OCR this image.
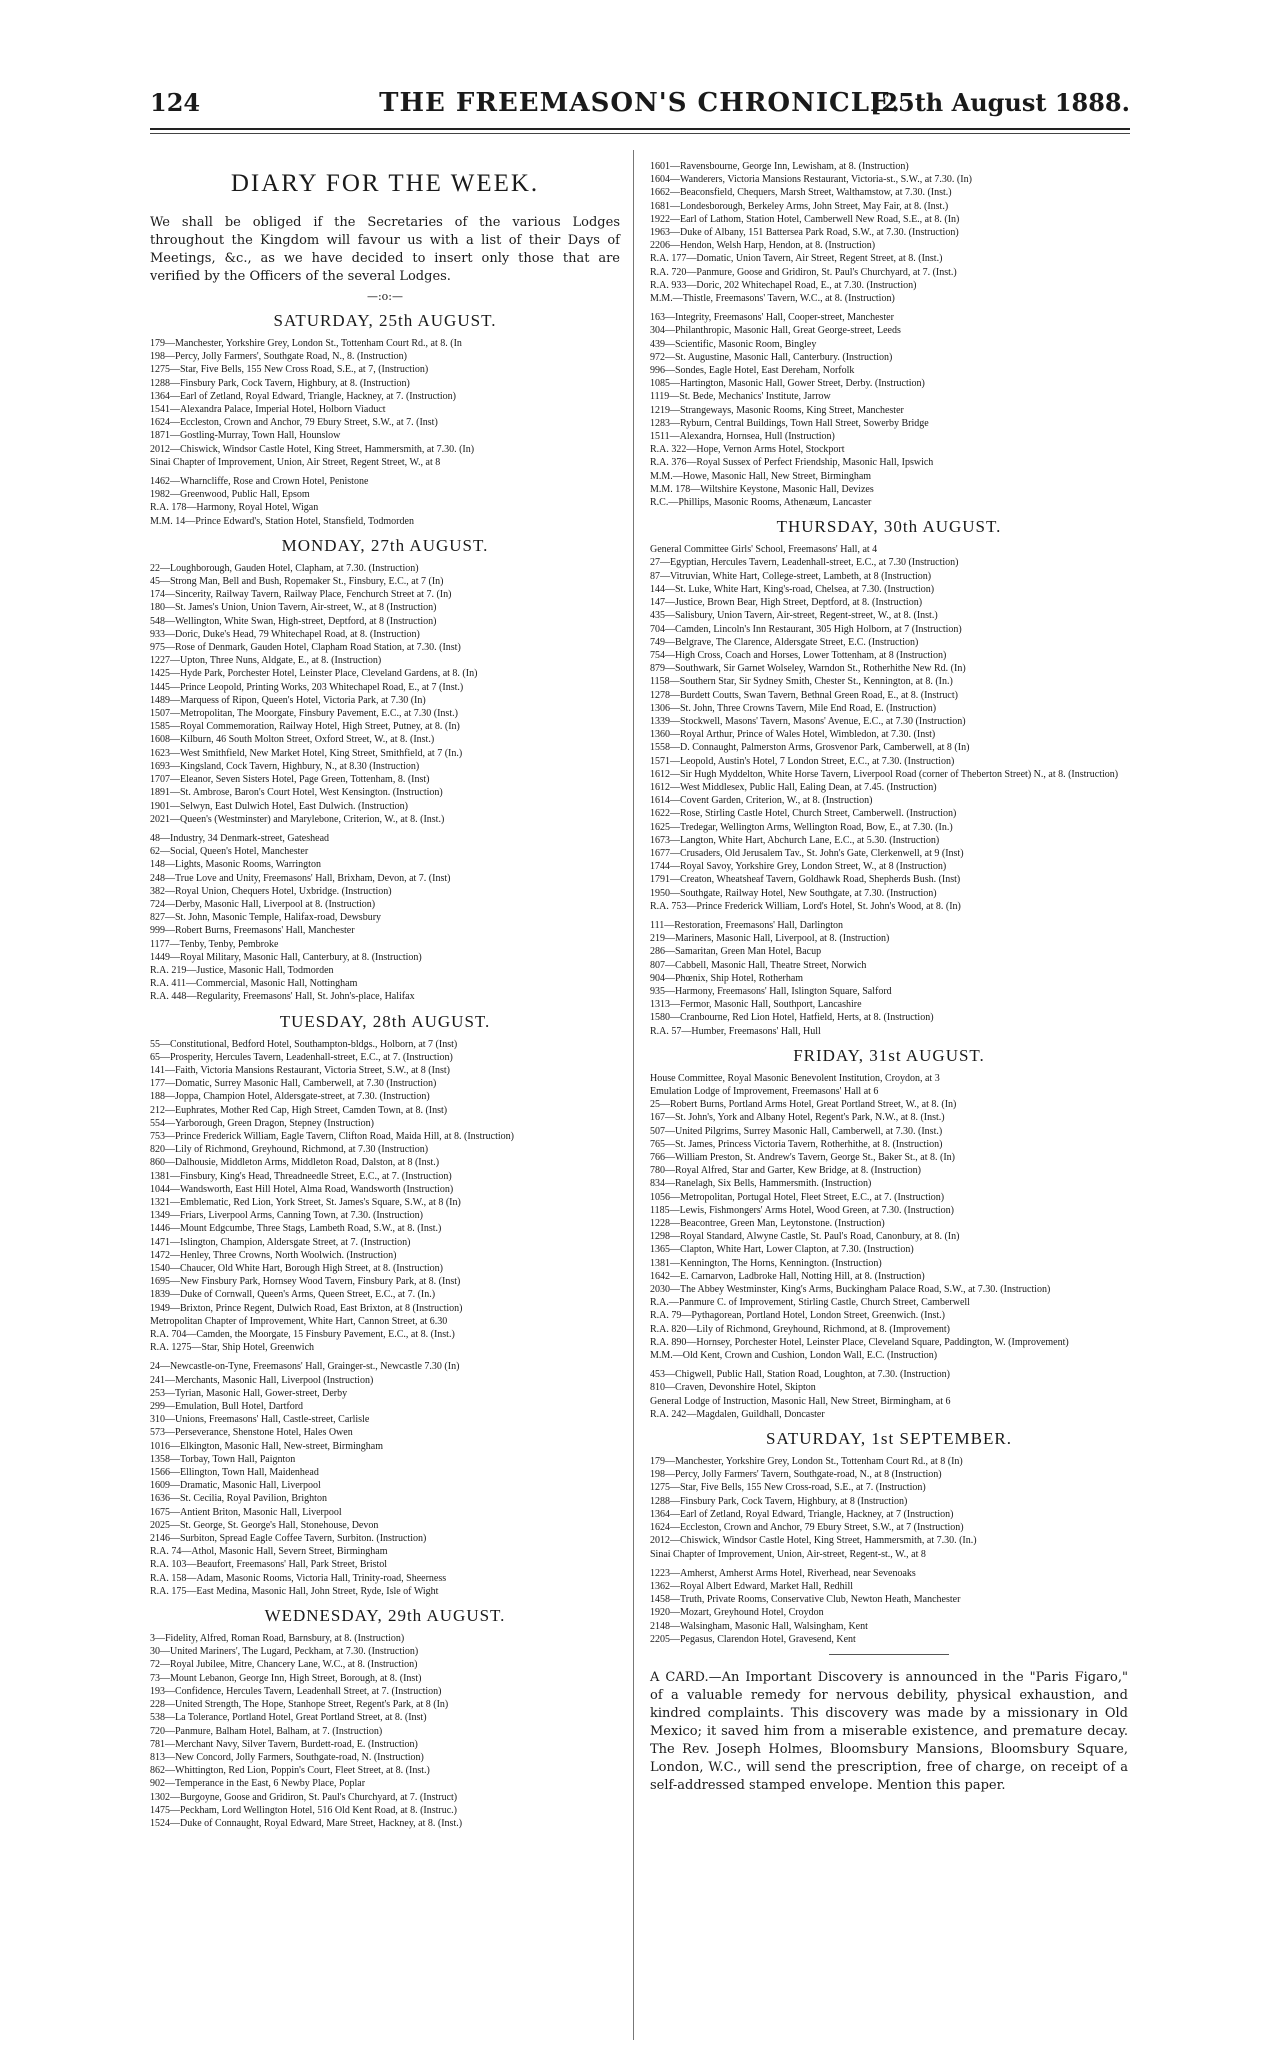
124	THE FREEMASON'S CHRONICLE.
[25th August 1888.
DIARY FOR THE WEEK.

We shall be obliged if the Secretaries of the various Lodges throughout the Kingdom will favour us with a list of their Days of Meetings, &c., as we have decided to insert only those that are verified by the Officers of the several Lodges.

—:o:—
SATURDAY, 25th AUGUST.
179—Manchester, Yorkshire Grey, London St., Tottenham Court Rd., at 8. (In
198—Percy, Jolly Farmers', Southgate Road, N., 8. (Instruction)
1275—Star, Five Bells, 155 New Cross Road, S.E., at 7, (Instruction)
1288—Finsbury Park, Cock Tavern, Highbury, at 8. (Instruction)
1364—Earl of Zetland, Royal Edward, Triangle, Hackney, at 7. (Instruction)
1541—Alexandra Palace, Imperial Hotel, Holborn Viaduct
1624—Eccleston, Crown and Anchor, 79 Ebury Street, S.W., at 7. (Inst)
1871—Gostling-Murray, Town Hall, Hounslow
2012—Chiswick, Windsor Castle Hotel, King Street, Hammersmith, at 7.30. (In)
Sinai Chapter of Improvement, Union, Air Street, Regent Street, W., at 8
1462—Wharncliffe, Rose and Crown Hotel, Penistone
1982—Greenwood, Public Hall, Epsom
R.A. 178—Harmony, Royal Hotel, Wigan
M.M. 14—Prince Edward's, Station Hotel, Stansfield, Todmorden
MONDAY, 27th AUGUST.
22—Loughborough, Gauden Hotel, Clapham, at 7.30. (Instruction)
45—Strong Man, Bell and Bush, Ropemaker St., Finsbury, E.C., at 7 (In)
174—Sincerity, Railway Tavern, Railway Place, Fenchurch Street at 7. (In)
180—St. James's Union, Union Tavern, Air-street, W., at 8 (Instruction)
548—Wellington, White Swan, High-street, Deptford, at 8 (Instruction)
933—Doric, Duke's Head, 79 Whitechapel Road, at 8. (Instruction)
975—Rose of Denmark, Gauden Hotel, Clapham Road Station, at 7.30. (Inst)
1227—Upton, Three Nuns, Aldgate, E., at 8. (Instruction)
1425—Hyde Park, Porchester Hotel, Leinster Place, Cleveland Gardens, at 8. (In)
1445—Prince Leopold, Printing Works, 203 Whitechapel Road, E., at 7 (Inst.)
1489—Marquess of Ripon, Queen's Hotel, Victoria Park, at 7.30 (In)
1507—Metropolitan, The Moorgate, Finsbury Pavement, E.C., at 7.30 (Inst.)
1585—Royal Commemoration, Railway Hotel, High Street, Putney, at 8. (In)
1608—Kilburn, 46 South Molton Street, Oxford Street, W., at 8. (Inst.)
1623—West Smithfield, New Market Hotel, King Street, Smithfield, at 7 (In.)
1693—Kingsland, Cock Tavern, Highbury, N., at 8.30 (Instruction)
1707—Eleanor, Seven Sisters Hotel, Page Green, Tottenham, 8. (Inst)
1891—St. Ambrose, Baron's Court Hotel, West Kensington. (Instruction)
1901—Selwyn, East Dulwich Hotel, East Dulwich. (Instruction)
2021—Queen's (Westminster) and Marylebone, Criterion, W., at 8. (Inst.)
48—Industry, 34 Denmark-street, Gateshead
62—Social, Queen's Hotel, Manchester
148—Lights, Masonic Rooms, Warrington
248—True Love and Unity, Freemasons' Hall, Brixham, Devon, at 7. (Inst)
382—Royal Union, Chequers Hotel, Uxbridge. (Instruction)
724—Derby, Masonic Hall, Liverpool at 8. (Instruction)
827—St. John, Masonic Temple, Halifax-road, Dewsbury
999—Robert Burns, Freemasons' Hall, Manchester
1177—Tenby, Tenby, Pembroke
1449—Royal Military, Masonic Hall, Canterbury, at 8. (Instruction)
R.A. 219—Justice, Masonic Hall, Todmorden
R.A. 411—Commercial, Masonic Hall, Nottingham
R.A. 448—Regularity, Freemasons' Hall, St. John's-place, Halifax
TUESDAY, 28th AUGUST.
55—Constitutional, Bedford Hotel, Southampton-bldgs., Holborn, at 7 (Inst)
65—Prosperity, Hercules Tavern, Leadenhall-street, E.C., at 7. (Instruction)
141—Faith, Victoria Mansions Restaurant, Victoria Street, S.W., at 8 (Inst)
177—Domatic, Surrey Masonic Hall, Camberwell, at 7.30 (Instruction)
188—Joppa, Champion Hotel, Aldersgate-street, at 7.30. (Instruction)
212—Euphrates, Mother Red Cap, High Street, Camden Town, at 8. (Inst)
554—Yarborough, Green Dragon, Stepney (Instruction)
753—Prince Frederick William, Eagle Tavern, Clifton Road, Maida Hill, at 8. (Instruction)
820—Lily of Richmond, Greyhound, Richmond, at 7.30 (Instruction)
860—Dalhousie, Middleton Arms, Middleton Road, Dalston, at 8 (Inst.)
1381—Finsbury, King's Head, Threadneedle Street, E.C., at 7. (Instruction)
1044—Wandsworth, East Hill Hotel, Alma Road, Wandsworth (Instruction)
1321—Emblematic, Red Lion, York Street, St. James's Square, S.W., at 8 (In)
1349—Friars, Liverpool Arms, Canning Town, at 7.30. (Instruction)
1446—Mount Edgcumbe, Three Stags, Lambeth Road, S.W., at 8. (Inst.)
1471—Islington, Champion, Aldersgate Street, at 7. (Instruction)
1472—Henley, Three Crowns, North Woolwich. (Instruction)
1540—Chaucer, Old White Hart, Borough High Street, at 8. (Instruction)
1695—New Finsbury Park, Hornsey Wood Tavern, Finsbury Park, at 8. (Inst)
1839—Duke of Cornwall, Queen's Arms, Queen Street, E.C., at 7. (In.)
1949—Brixton, Prince Regent, Dulwich Road, East Brixton, at 8 (Instruction)
Metropolitan Chapter of Improvement, White Hart, Cannon Street, at 6.30
R.A. 704—Camden, the Moorgate, 15 Finsbury Pavement, E.C., at 8. (Inst.)
R.A. 1275—Star, Ship Hotel, Greenwich
24—Newcastle-on-Tyne, Freemasons' Hall, Grainger-st., Newcastle 7.30 (In)
241—Merchants, Masonic Hall, Liverpool (Instruction)
253—Tyrian, Masonic Hall, Gower-street, Derby
299—Emulation, Bull Hotel, Dartford
310—Unions, Freemasons' Hall, Castle-street, Carlisle
573—Perseverance, Shenstone Hotel, Hales Owen
1016—Elkington, Masonic Hall, New-street, Birmingham
1358—Torbay, Town Hall, Paignton
1566—Ellington, Town Hall, Maidenhead
1609—Dramatic, Masonic Hall, Liverpool
1636—St. Cecilia, Royal Pavilion, Brighton
1675—Antient Briton, Masonic Hall, Liverpool
2025—St. George, St. George's Hall, Stonehouse, Devon
2146—Surbiton, Spread Eagle Coffee Tavern, Surbiton. (Instruction)
R.A. 74—Athol, Masonic Hall, Severn Street, Birmingham
R.A. 103—Beaufort, Freemasons' Hall, Park Street, Bristol
R.A. 158—Adam, Masonic Rooms, Victoria Hall, Trinity-road, Sheerness
R.A. 175—East Medina, Masonic Hall, John Street, Ryde, Isle of Wight
WEDNESDAY, 29th AUGUST.
3—Fidelity, Alfred, Roman Road, Barnsbury, at 8. (Instruction)
30—United Mariners', The Lugard, Peckham, at 7.30. (Instruction)
72—Royal Jubilee, Mitre, Chancery Lane, W.C., at 8. (Instruction)
73—Mount Lebanon, George Inn, High Street, Borough, at 8. (Inst)
193—Confidence, Hercules Tavern, Leadenhall Street, at 7. (Instruction)
228—United Strength, The Hope, Stanhope Street, Regent's Park, at 8 (In)
538—La Tolerance, Portland Hotel, Great Portland Street, at 8. (Inst)
720—Panmure, Balham Hotel, Balham, at 7. (Instruction)
781—Merchant Navy, Silver Tavern, Burdett-road, E. (Instruction)
813—New Concord, Jolly Farmers, Southgate-road, N. (Instruction)
862—Whittington, Red Lion, Poppin's Court, Fleet Street, at 8. (Inst.)
902—Temperance in the East, 6 Newby Place, Poplar
1302—Burgoyne, Goose and Gridiron, St. Paul's Churchyard, at 7. (Instruct)
1475—Peckham, Lord Wellington Hotel, 516 Old Kent Road, at 8. (Instruc.)
1524—Duke of Connaught, Royal Edward, Mare Street, Hackney, at 8. (Inst.)
1601—Ravensbourne, George Inn, Lewisham, at 8. (Instruction)
1604—Wanderers, Victoria Mansions Restaurant, Victoria-st., S.W., at 7.30. (In)
1662—Beaconsfield, Chequers, Marsh Street, Walthamstow, at 7.30. (Inst.)
1681—Londesborough, Berkeley Arms, John Street, May Fair, at 8. (Inst.)
1922—Earl of Lathom, Station Hotel, Camberwell New Road, S.E., at 8. (In)
1963—Duke of Albany, 151 Battersea Park Road, S.W., at 7.30. (Instruction)
2206—Hendon, Welsh Harp, Hendon, at 8. (Instruction)
R.A. 177—Domatic, Union Tavern, Air Street, Regent Street, at 8. (Inst.)
R.A. 720—Panmure, Goose and Gridiron, St. Paul's Churchyard, at 7. (Inst.)
R.A. 933—Doric, 202 Whitechapel Road, E., at 7.30. (Instruction)
M.M.—Thistle, Freemasons' Tavern, W.C., at 8. (Instruction)
163—Integrity, Freemasons' Hall, Cooper-street, Manchester
304—Philanthropic, Masonic Hall, Great George-street, Leeds
439—Scientific, Masonic Room, Bingley
972—St. Augustine, Masonic Hall, Canterbury. (Instruction)
996—Sondes, Eagle Hotel, East Dereham, Norfolk
1085—Hartington, Masonic Hall, Gower Street, Derby. (Instruction)
1119—St. Bede, Mechanics' Institute, Jarrow
1219—Strangeways, Masonic Rooms, King Street, Manchester
1283—Ryburn, Central Buildings, Town Hall Street, Sowerby Bridge
1511—Alexandra, Hornsea, Hull (Instruction)
R.A. 322—Hope, Vernon Arms Hotel, Stockport
R.A. 376—Royal Sussex of Perfect Friendship, Masonic Hall, Ipswich
M.M.—Howe, Masonic Hall, New Street, Birmingham
M.M. 178—Wiltshire Keystone, Masonic Hall, Devizes
R.C.—Phillips, Masonic Rooms, Athenæum, Lancaster
THURSDAY, 30th AUGUST.
General Committee Girls' School, Freemasons' Hall, at 4
27—Egyptian, Hercules Tavern, Leadenhall-street, E.C., at 7.30 (Instruction)
87—Vitruvian, White Hart, College-street, Lambeth, at 8 (Instruction)
144—St. Luke, White Hart, King's-road, Chelsea, at 7.30. (Instruction)
147—Justice, Brown Bear, High Street, Deptford, at 8. (Instruction)
435—Salisbury, Union Tavern, Air-street, Regent-street, W., at 8. (Inst.)
704—Camden, Lincoln's Inn Restaurant, 305 High Holborn, at 7 (Instruction)
749—Belgrave, The Clarence, Aldersgate Street, E.C. (Instruction)
754—High Cross, Coach and Horses, Lower Tottenham, at 8 (Instruction)
879—Southwark, Sir Garnet Wolseley, Warndon St., Rotherhithe New Rd. (In)
1158—Southern Star, Sir Sydney Smith, Chester St., Kennington, at 8. (In.)
1278—Burdett Coutts, Swan Tavern, Bethnal Green Road, E., at 8. (Instruct)
1306—St. John, Three Crowns Tavern, Mile End Road, E. (Instruction)
1339—Stockwell, Masons' Tavern, Masons' Avenue, E.C., at 7.30 (Instruction)
1360—Royal Arthur, Prince of Wales Hotel, Wimbledon, at 7.30. (Inst)
1558—D. Connaught, Palmerston Arms, Grosvenor Park, Camberwell, at 8 (In)
1571—Leopold, Austin's Hotel, 7 London Street, E.C., at 7.30. (Instruction)
1612—Sir Hugh Myddelton, White Horse Tavern, Liverpool Road (corner of Theberton Street) N., at 8. (Instruction)
1612—West Middlesex, Public Hall, Ealing Dean, at 7.45. (Instruction)
1614—Covent Garden, Criterion, W., at 8. (Instruction)
1622—Rose, Stirling Castle Hotel, Church Street, Camberwell. (Instruction)
1625—Tredegar, Wellington Arms, Wellington Road, Bow, E., at 7.30. (In.)
1673—Langton, White Hart, Abchurch Lane, E.C., at 5.30. (Instruction)
1677—Crusaders, Old Jerusalem Tav., St. John's Gate, Clerkenwell, at 9 (Inst)
1744—Royal Savoy, Yorkshire Grey, London Street, W., at 8 (Instruction)
1791—Creaton, Wheatsheaf Tavern, Goldhawk Road, Shepherds Bush. (Inst)
1950—Southgate, Railway Hotel, New Southgate, at 7.30. (Instruction)
R.A. 753—Prince Frederick William, Lord's Hotel, St. John's Wood, at 8. (In)
111—Restoration, Freemasons' Hall, Darlington
219—Mariners, Masonic Hall, Liverpool, at 8. (Instruction)
286—Samaritan, Green Man Hotel, Bacup
807—Cabbell, Masonic Hall, Theatre Street, Norwich
904—Phœnix, Ship Hotel, Rotherham
935—Harmony, Freemasons' Hall, Islington Square, Salford
1313—Fermor, Masonic Hall, Southport, Lancashire
1580—Cranbourne, Red Lion Hotel, Hatfield, Herts, at 8. (Instruction)
R.A. 57—Humber, Freemasons' Hall, Hull
FRIDAY, 31st AUGUST.
House Committee, Royal Masonic Benevolent Institution, Croydon, at 3
Emulation Lodge of Improvement, Freemasons' Hall at 6
25—Robert Burns, Portland Arms Hotel, Great Portland Street, W., at 8. (In)
167—St. John's, York and Albany Hotel, Regent's Park, N.W., at 8. (Inst.)
507—United Pilgrims, Surrey Masonic Hall, Camberwell, at 7.30. (Inst.)
765—St. James, Princess Victoria Tavern, Rotherhithe, at 8. (Instruction)
766—William Preston, St. Andrew's Tavern, George St., Baker St., at 8. (In)
780—Royal Alfred, Star and Garter, Kew Bridge, at 8. (Instruction)
834—Ranelagh, Six Bells, Hammersmith. (Instruction)
1056—Metropolitan, Portugal Hotel, Fleet Street, E.C., at 7. (Instruction)
1185—Lewis, Fishmongers' Arms Hotel, Wood Green, at 7.30. (Instruction)
1228—Beacontree, Green Man, Leytonstone. (Instruction)
1298—Royal Standard, Alwyne Castle, St. Paul's Road, Canonbury, at 8. (In)
1365—Clapton, White Hart, Lower Clapton, at 7.30. (Instruction)
1381—Kennington, The Horns, Kennington. (Instruction)
1642—E. Carnarvon, Ladbroke Hall, Notting Hill, at 8. (Instruction)
2030—The Abbey Westminster, King's Arms, Buckingham Palace Road, S.W., at 7.30. (Instruction)
R.A.—Panmure C. of Improvement, Stirling Castle, Church Street, Camberwell
R.A. 79—Pythagorean, Portland Hotel, London Street, Greenwich. (Inst.)
R.A. 820—Lily of Richmond, Greyhound, Richmond, at 8. (Improvement)
R.A. 890—Hornsey, Porchester Hotel, Leinster Place, Cleveland Square, Paddington, W. (Improvement)
M.M.—Old Kent, Crown and Cushion, London Wall, E.C. (Instruction)
453—Chigwell, Public Hall, Station Road, Loughton, at 7.30. (Instruction)
810—Craven, Devonshire Hotel, Skipton
General Lodge of Instruction, Masonic Hall, New Street, Birmingham, at 6
R.A. 242—Magdalen, Guildhall, Doncaster
SATURDAY, 1st SEPTEMBER.
179—Manchester, Yorkshire Grey, London St., Tottenham Court Rd., at 8 (In)
198—Percy, Jolly Farmers' Tavern, Southgate-road, N., at 8 (Instruction)
1275—Star, Five Bells, 155 New Cross-road, S.E., at 7. (Instruction)
1288—Finsbury Park, Cock Tavern, Highbury, at 8 (Instruction)
1364—Earl of Zetland, Royal Edward, Triangle, Hackney, at 7 (Instruction)
1624—Eccleston, Crown and Anchor, 79 Ebury Street, S.W., at 7 (Instruction)
2012—Chiswick, Windsor Castle Hotel, King Street, Hammersmith, at 7.30. (In.)
Sinai Chapter of Improvement, Union, Air-street, Regent-st., W., at 8
1223—Amherst, Amherst Arms Hotel, Riverhead, near Sevenoaks
1362—Royal Albert Edward, Market Hall, Redhill
1458—Truth, Private Rooms, Conservative Club, Newton Heath, Manchester
1920—Mozart, Greyhound Hotel, Croydon
2148—Walsingham, Masonic Hall, Walsingham, Kent
2205—Pegasus, Clarendon Hotel, Gravesend, Kent

A CARD.—An Important Discovery is announced in the "Paris Figaro," of a valuable remedy for nervous debility, physical exhaustion, and kindred complaints. This discovery was made by a missionary in Old Mexico; it saved him from a miserable existence, and premature decay. The Rev. Joseph Holmes, Bloomsbury Mansions, Bloomsbury Square, London, W.C., will send the prescription, free of charge, on receipt of a self-addressed stamped envelope. Mention this paper.
